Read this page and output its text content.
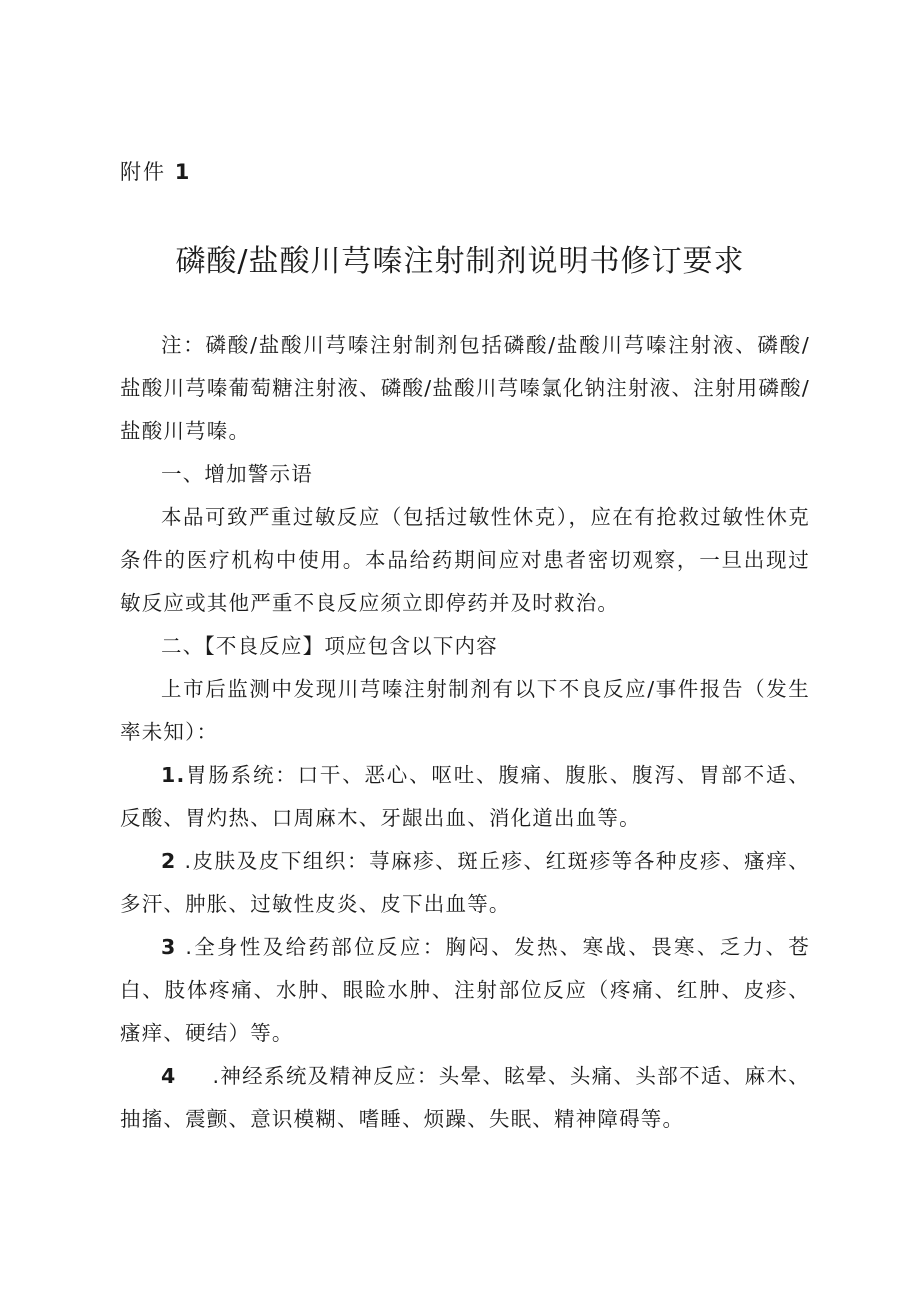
附件 1
磷酸/盐酸川芎嗪注射制剂说明书修订要求

注：磷酸/盐酸川芎嗪注射制剂包括磷酸/盐酸川芎嗪注射液、磷酸/盐酸川芎嗪葡萄糖注射液、磷酸/盐酸川芎嗪氯化钠注射液、注射用磷酸/盐酸川芎嗪。

一、增加警示语

本品可致严重过敏反应（包括过敏性休克），应在有抢救过敏性休克条件的医疗机构中使用。本品给药期间应对患者密切观察，一旦出现过敏反应或其他严重不良反应须立即停药并及时救治。

二、【不良反应】项应包含以下内容

上市后监测中发现川芎嗪注射制剂有以下不良反应/事件报告（发生率未知）：

1.胃肠系统：口干、恶心、呕吐、腹痛、腹胀、腹泻、胃部不适、反酸、胃灼热、口周麻木、牙龈出血、消化道出血等。

2 .皮肤及皮下组织：荨麻疹、斑丘疹、红斑疹等各种皮疹、瘙痒、多汗、肿胀、过敏性皮炎、皮下出血等。

3 .全身性及给药部位反应：胸闷、发热、寒战、畏寒、乏力、苍白、肢体疼痛、水肿、眼睑水肿、注射部位反应（疼痛、红肿、皮疹、瘙痒、硬结）等。

4 .神经系统及精神反应：头晕、眩晕、头痛、头部不适、麻木、抽搐、震颤、意识模糊、嗜睡、烦躁、失眠、精神障碍等。
